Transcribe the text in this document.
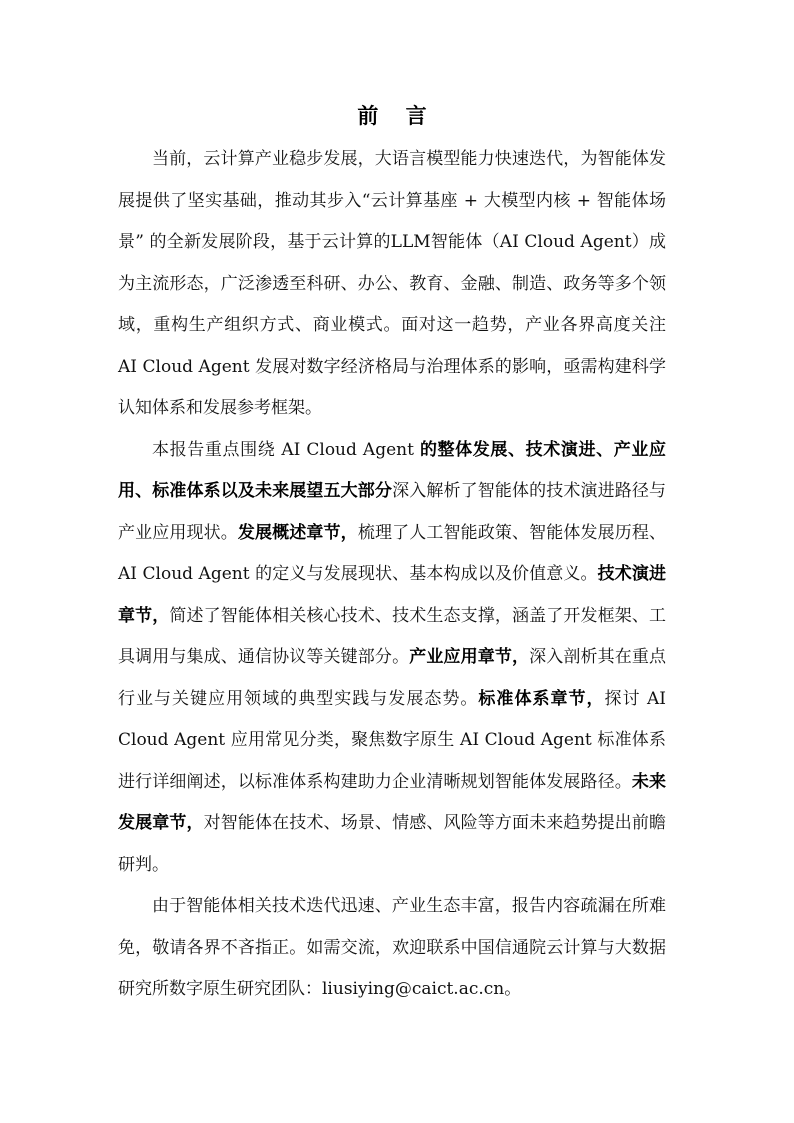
前 言

当前，云计算产业稳步发展，大语言模型能力快速迭代，为智能体发展提供了坚实基础，推动其步入“云计算基座 + 大模型内核 + 智能体场景” 的全新发展阶段，基于云计算的LLM智能体（AI Cloud Agent）成为主流形态，广泛渗透至科研、办公、教育、金融、制造、政务等多个领域，重构生产组织方式、商业模式。面对这一趋势，产业各界高度关注 AI Cloud Agent 发展对数字经济格局与治理体系的影响，亟需构建科学认知体系和发展参考框架。

本报告重点围绕 AI Cloud Agent 的整体发展、技术演进、产业应用、标准体系以及未来展望五大部分深入解析了智能体的技术演进路径与产业应用现状。发展概述章节，梳理了人工智能政策、智能体发展历程、AI Cloud Agent 的定义与发展现状、基本构成以及价值意义。技术演进章节，简述了智能体相关核心技术、技术生态支撑，涵盖了开发框架、工具调用与集成、通信协议等关键部分。产业应用章节，深入剖析其在重点行业与关键应用领域的典型实践与发展态势。标准体系章节，探讨 AI Cloud Agent 应用常见分类，聚焦数字原生 AI Cloud Agent 标准体系进行详细阐述，以标准体系构建助力企业清晰规划智能体发展路径。未来发展章节，对智能体在技术、场景、情感、风险等方面未来趋势提出前瞻研判。

由于智能体相关技术迭代迅速、产业生态丰富，报告内容疏漏在所难免，敬请各界不吝指正。如需交流，欢迎联系中国信通院云计算与大数据研究所数字原生研究团队：liusiying@caict.ac.cn。
